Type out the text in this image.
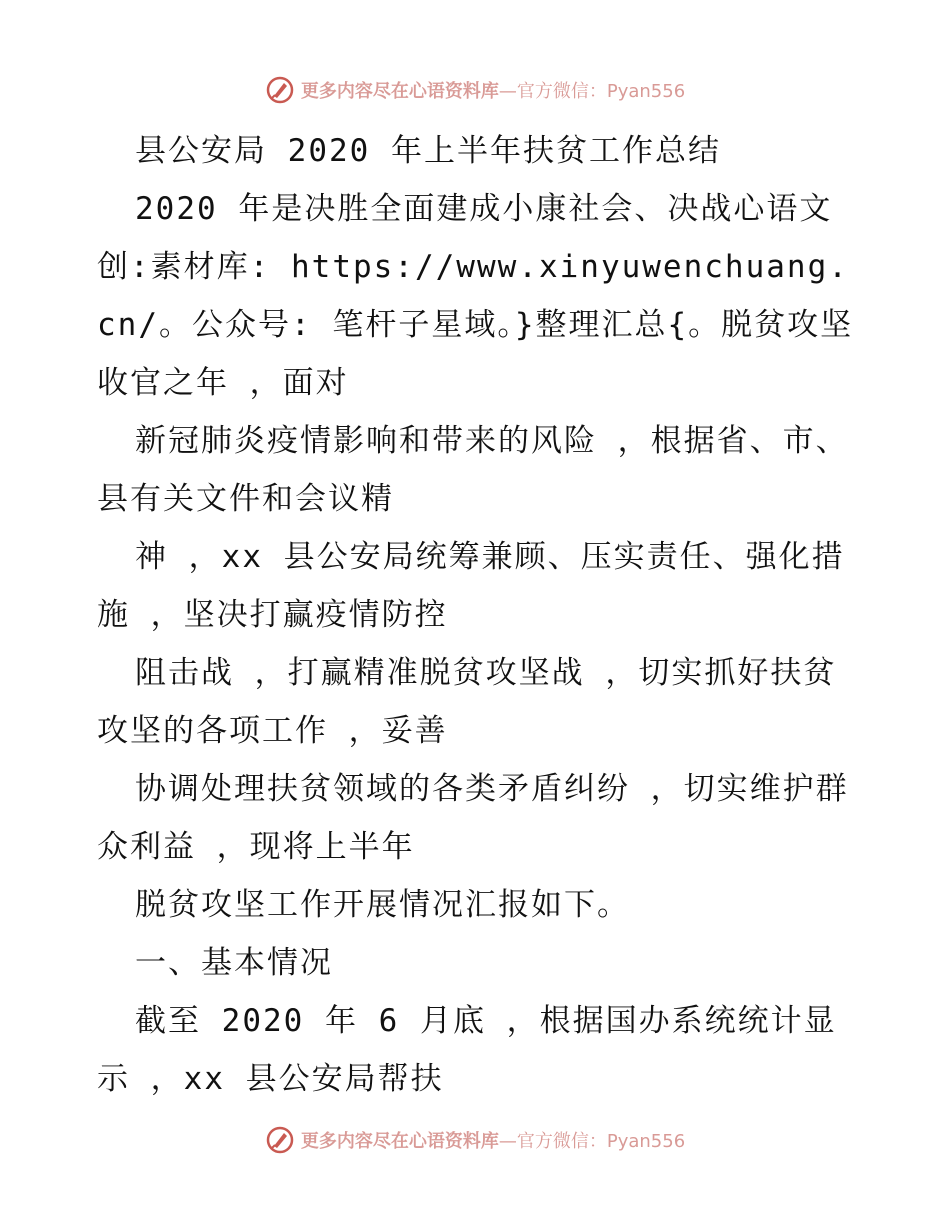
更多内容尽在心语资料库 —官方微信：Pyan556

县公安局 2020 年上半年扶贫工作总结

2020 年是决胜全面建成小康社会、决战心语文创:素材库: https://www.xinyuwenchuang.cn/。公众号: 笔杆子星域。}整理汇总{。脱贫攻坚收官之年 ，面对

新冠肺炎疫情影响和带来的风险 ，根据省、市、 县有关文件和会议精

神 ，xx 县公安局统筹兼顾、压实责任、强化措施 ，坚决打赢疫情防控

阻击战 ，打赢精准脱贫攻坚战 ，切实抓好扶贫攻坚的各项工作 ，妥善

协调处理扶贫领域的各类矛盾纠纷 ，切实维护群众利益 ，现将上半年

脱贫攻坚工作开展情况汇报如下。

一、基本情况

截至 2020 年 6 月底 ，根据国办系统统计显示 ，xx 县公安局帮扶

更多内容尽在心语资料库 —官方微信：Pyan556
